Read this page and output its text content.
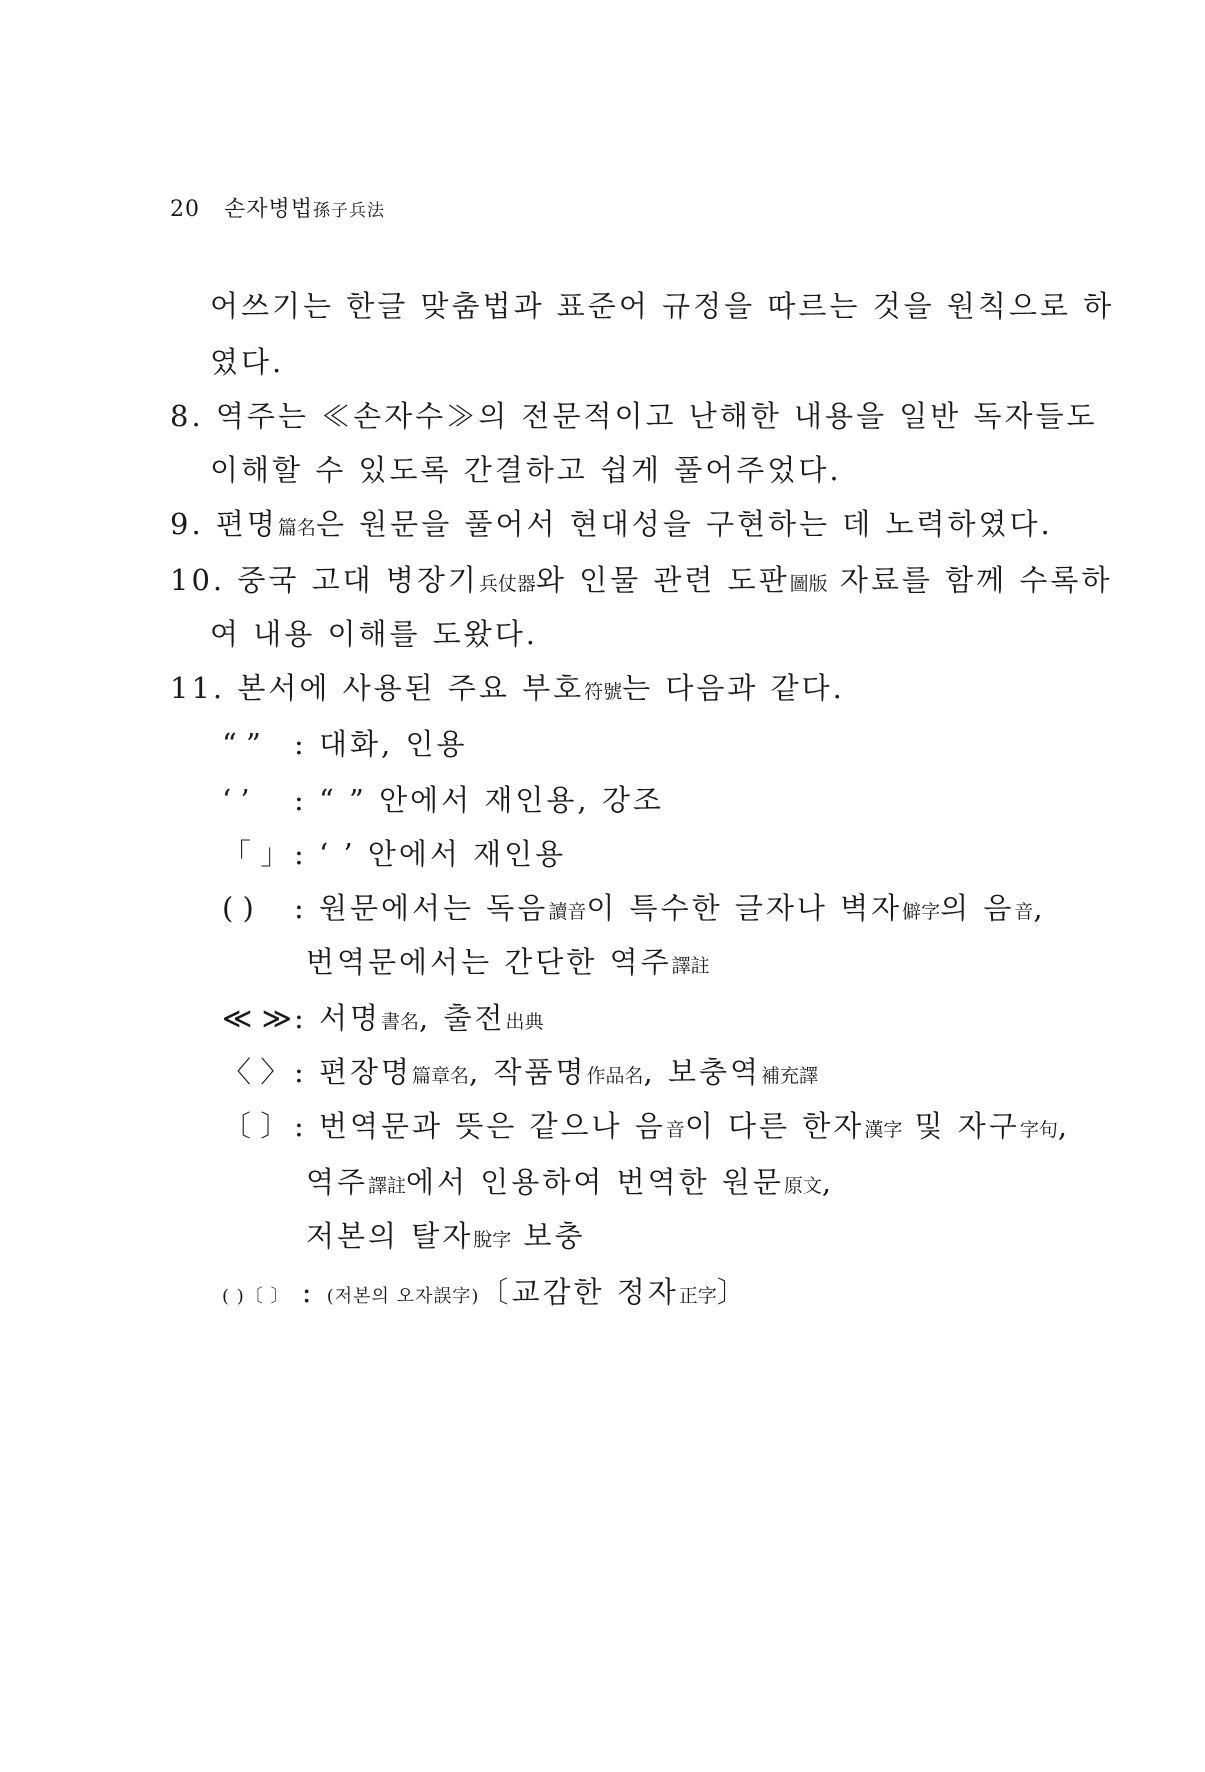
20 손자병법孫子兵法
어쓰기는 한글 맞춤법과 표준어 규정을 따르는 것을 원칙으로 하
였다.
8. 역주는 ≪손자수≫의 전문적이고 난해한 내용을 일반 독자들도
이해할 수 있도록 간결하고 쉽게 풀어주었다.
9. 편명篇名은 원문을 풀어서 현대성을 구현하는 데 노력하였다.
10. 중국 고대 병장기兵仗器와 인물 관련 도판圖版 자료를 함께 수록하
여 내용 이해를 도왔다.
11. 본서에 사용된 주요 부호符號는 다음과 같다.
“ ” : 대화, 인용
‘ ’ : “ ” 안에서 재인용, 강조
「 」 : ‘ ’ 안에서 재인용
( ) : 원문에서는 독음讀音이 특수한 글자나 벽자僻字의 음音,
번역문에서는 간단한 역주譯註
≪ ≫: 서명書名, 출전出典
〈 〉 : 편장명篇章名, 작품명作品名, 보충역補充譯
〔 〕 : 번역문과 뜻은 같으나 음音이 다른 한자漢字 및 자구字句,
역주譯註에서 인용하여 번역한 원문原文,
저본의 탈자脫字 보충
( )〔 〕 : (저본의 오자誤字)〔교감한 정자正字〕
